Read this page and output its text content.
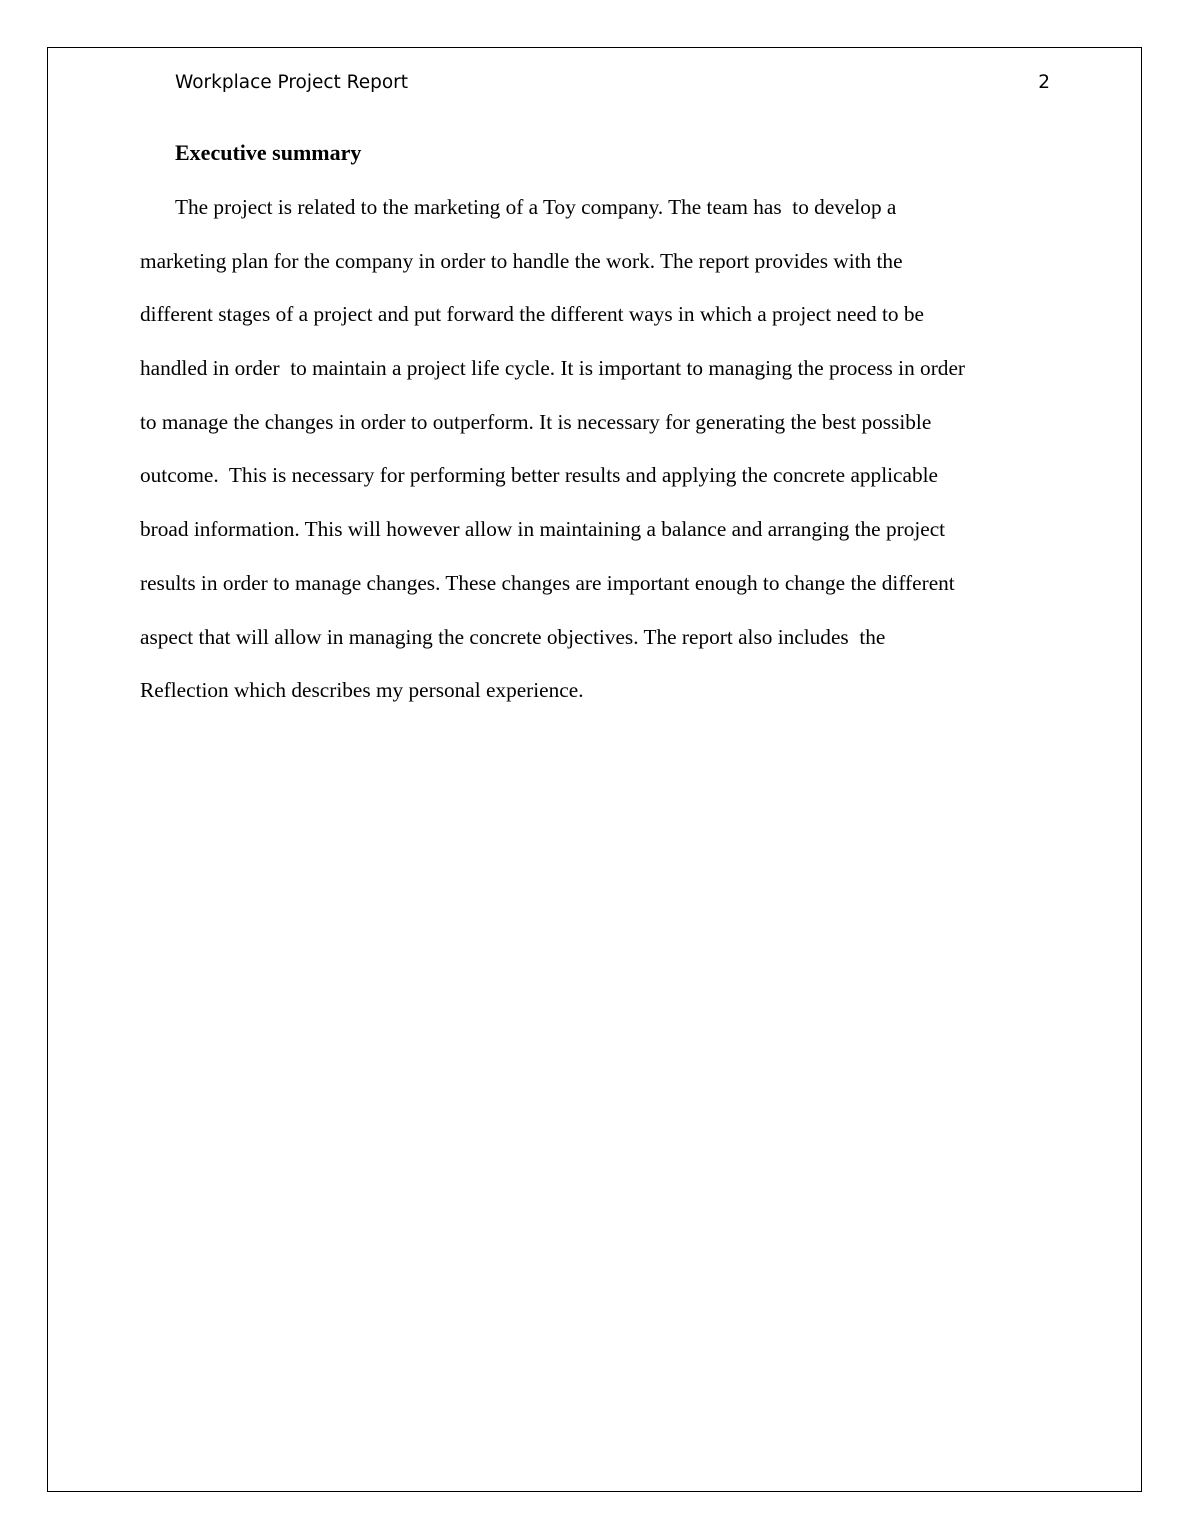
Workplace Project Report	2
Executive summary

The project is related to the marketing of a Toy company. The team has  to develop a
marketing plan for the company in order to handle the work. The report provides with the
different stages of a project and put forward the different ways in which a project need to be
handled in order  to maintain a project life cycle. It is important to managing the process in order
to manage the changes in order to outperform. It is necessary for generating the best possible
outcome.  This is necessary for performing better results and applying the concrete applicable
broad information. This will however allow in maintaining a balance and arranging the project
results in order to manage changes. These changes are important enough to change the different
aspect that will allow in managing the concrete objectives. The report also includes  the
Reflection which describes my personal experience.
